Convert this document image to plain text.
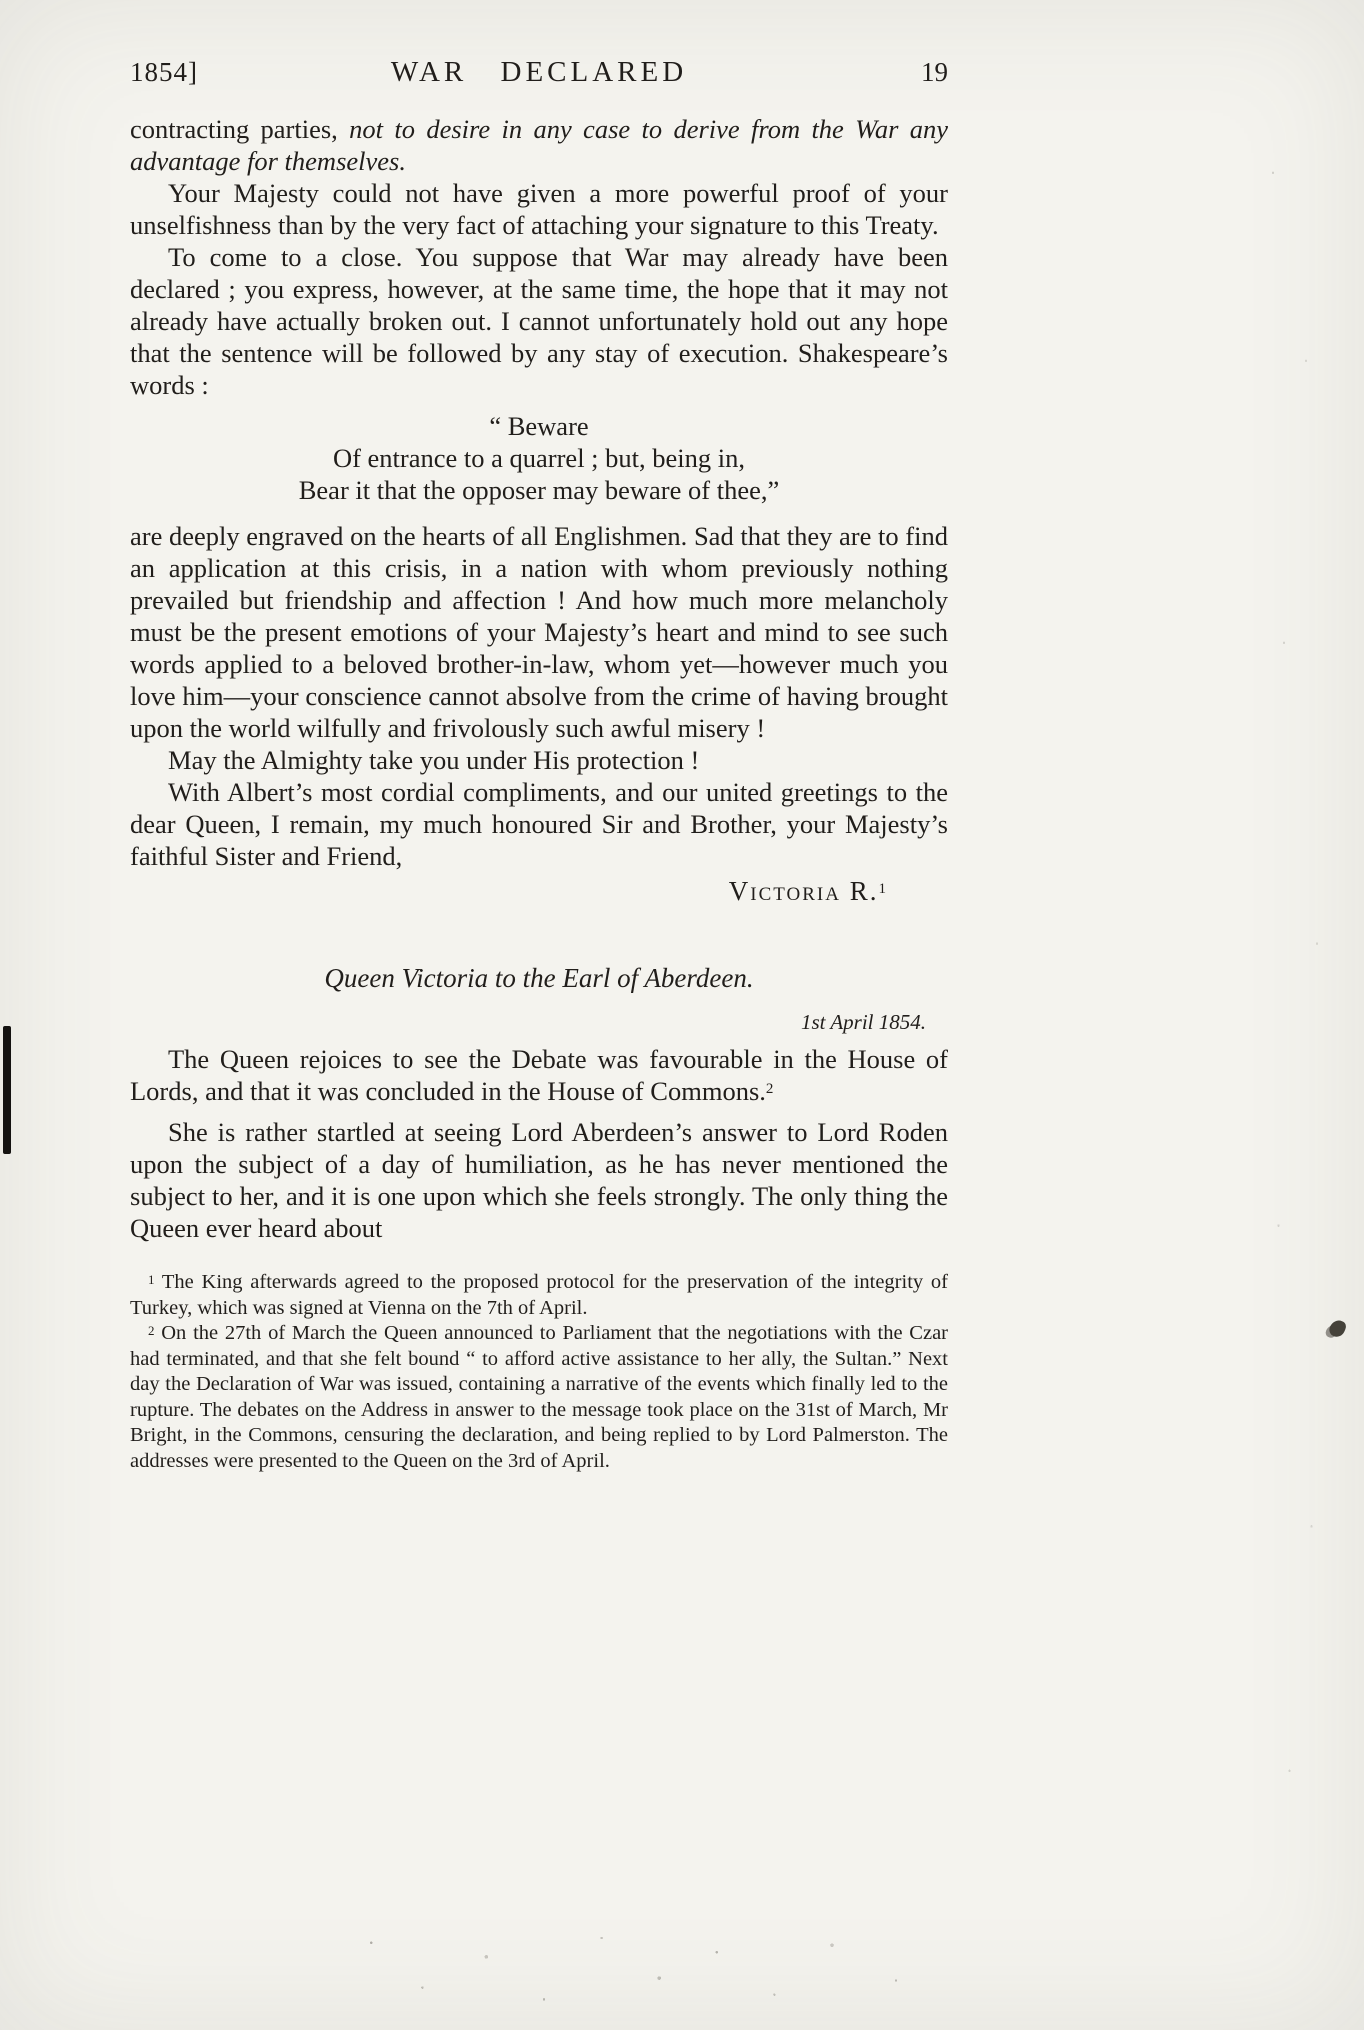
1854]	WAR DECLARED	19

contracting parties, not to desire in any case to derive from the War any advantage for themselves.

Your Majesty could not have given a more powerful proof of your unselfishness than by the very fact of attaching your signature to this Treaty.

To come to a close. You suppose that War may already have been declared ; you express, however, at the same time, the hope that it may not already have actually broken out. I cannot unfortunately hold out any hope that the sentence will be followed by any stay of execution. Shakespeare’s words :

“ Beware
Of entrance to a quarrel ; but, being in,
Bear it that the opposer may beware of thee,”

are deeply engraved on the hearts of all Englishmen. Sad that they are to find an application at this crisis, in a nation with whom previously nothing prevailed but friendship and affection ! And how much more melancholy must be the present emotions of your Majesty’s heart and mind to see such words applied to a beloved brother-in-law, whom yet—however much you love him—your conscience cannot absolve from the crime of having brought upon the world wilfully and frivolously such awful misery !

May the Almighty take you under His protection !

With Albert’s most cordial compliments, and our united greetings to the dear Queen, I remain, my much honoured Sir and Brother, your Majesty’s faithful Sister and Friend,

Victoria R.$^1$
Queen Victoria to the Earl of Aberdeen.
1st April 1854.

The Queen rejoices to see the Debate was favourable in the House of Lords, and that it was concluded in the House of Commons.$^2$

She is rather startled at seeing Lord Aberdeen’s answer to Lord Roden upon the subject of a day of humiliation, as he has never mentioned the subject to her, and it is one upon which she feels strongly. The only thing the Queen ever heard about

$^1$ The King afterwards agreed to the proposed protocol for the preservation of the integrity of Turkey, which was signed at Vienna on the 7th of April.

$^2$ On the 27th of March the Queen announced to Parliament that the negotiations with the Czar had terminated, and that she felt bound “ to afford active assistance to her ally, the Sultan.” Next day the Declaration of War was issued, containing a narrative of the events which finally led to the rupture. The debates on the Address in answer to the message took place on the 31st of March, Mr Bright, in the Commons, censuring the declaration, and being replied to by Lord Palmerston. The addresses were presented to the Queen on the 3rd of April.
